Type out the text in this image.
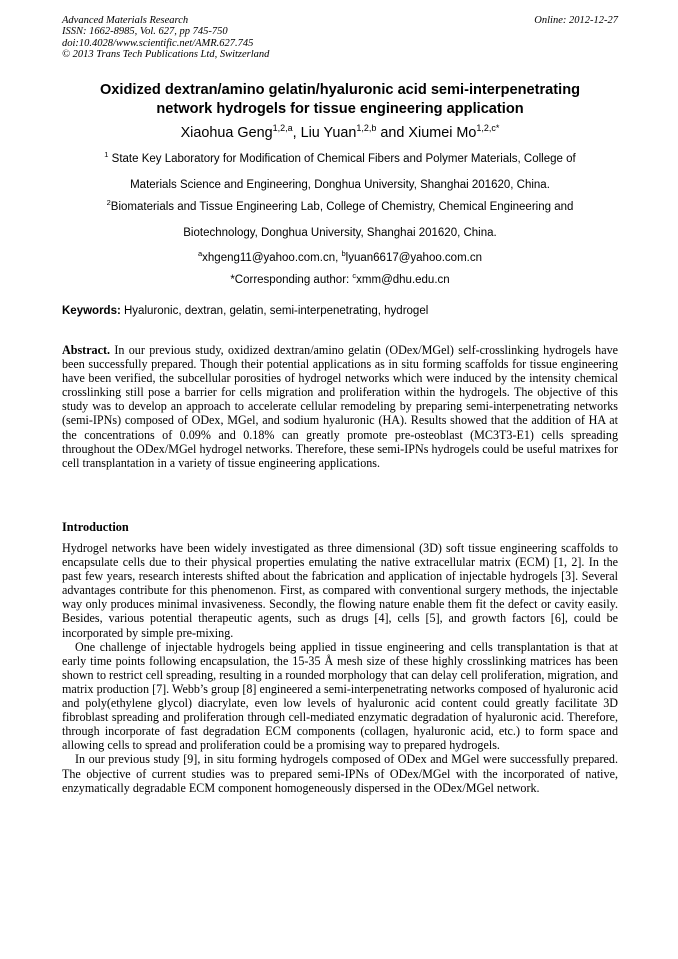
Advanced Materials Research
ISSN: 1662-8985, Vol. 627, pp 745-750
doi:10.4028/www.scientific.net/AMR.627.745
© 2013 Trans Tech Publications Ltd, Switzerland
Online: 2012-12-27
Oxidized dextran/amino gelatin/hyaluronic acid semi-interpenetrating
network hydrogels for tissue engineering application
Xiaohua Geng$^{1,2,a}$, Liu Yuan$^{1,2,b}$ and Xiumei $Mo^{1,2,c*}$
$^1$ State Key Laboratory for Modification of Chemical Fibers and Polymer Materials, College of
Materials Science and Engineering, Donghua University, Shanghai 201620, China.
$^2$Biomaterials and Tissue Engineering Lab, College of Chemistry, Chemical Engineering and
Biotechnology, Donghua University, Shanghai 201620, China.
$^a$xhgeng11@yahoo.com.cn, $^b$lyuan6617@yahoo.com.cn
*Corresponding author: $^c$xmm@dhu.edu.cn
Keywords: Hyaluronic, dextran, gelatin, semi-interpenetrating, hydrogel

Abstract. In our previous study, oxidized dextran/amino gelatin (ODex/MGel) self-crosslinking hydrogels have been successfully prepared. Though their potential applications as in situ forming scaffolds for tissue engineering have been verified, the subcellular porosities of hydrogel networks which were induced by the intensity chemical crosslinking still pose a barrier for cells migration and proliferation within the hydrogels. The objective of this study was to develop an approach to accelerate cellular remodeling by preparing semi-interpenetrating networks (semi-IPNs) composed of ODex, MGel, and sodium hyaluronic (HA). Results showed that the addition of HA at the concentrations of 0.09% and 0.18% can greatly promote pre-osteoblast (MC3T3-E1) cells spreading throughout the ODex/MGel hydrogel networks. Therefore, these semi-IPNs hydrogels could be useful matrixes for cell transplantation in a variety of tissue engineering applications.

Introduction

Hydrogel networks have been widely investigated as three dimensional (3D) soft tissue engineering scaffolds to encapsulate cells due to their physical properties emulating the native extracellular matrix (ECM) [1, 2]. In the past few years, research interests shifted about the fabrication and application of injectable hydrogels [3]. Several advantages contribute for this phenomenon. First, as compared with conventional surgery methods, the injectable way only produces minimal invasiveness. Secondly, the flowing nature enable them fit the defect or cavity easily. Besides, various potential therapeutic agents, such as drugs [4], cells [5], and growth factors [6], could be incorporated by simple pre-mixing.

One challenge of injectable hydrogels being applied in tissue engineering and cells transplantation is that at early time points following encapsulation, the 15-35 Å mesh size of these highly crosslinking matrices has been shown to restrict cell spreading, resulting in a rounded morphology that can delay cell proliferation, migration, and matrix production [7]. Webb’s group [8] engineered a semi-interpenetrating networks composed of hyaluronic acid and poly(ethylene glycol) diacrylate, even low levels of hyaluronic acid content could greatly facilitate 3D fibroblast spreading and proliferation through cell-mediated enzymatic degradation of hyaluronic acid. Therefore, through incorporate of fast degradation ECM components (collagen, hyaluronic acid, etc.) to form space and allowing cells to spread and proliferation could be a promising way to prepared hydrogels.

In our previous study [9], in situ forming hydrogels composed of ODex and MGel were successfully prepared. The objective of current studies was to prepared semi-IPNs of ODex/MGel with the incorporated of native, enzymatically degradable ECM component homogeneously dispersed in the ODex/MGel network.
